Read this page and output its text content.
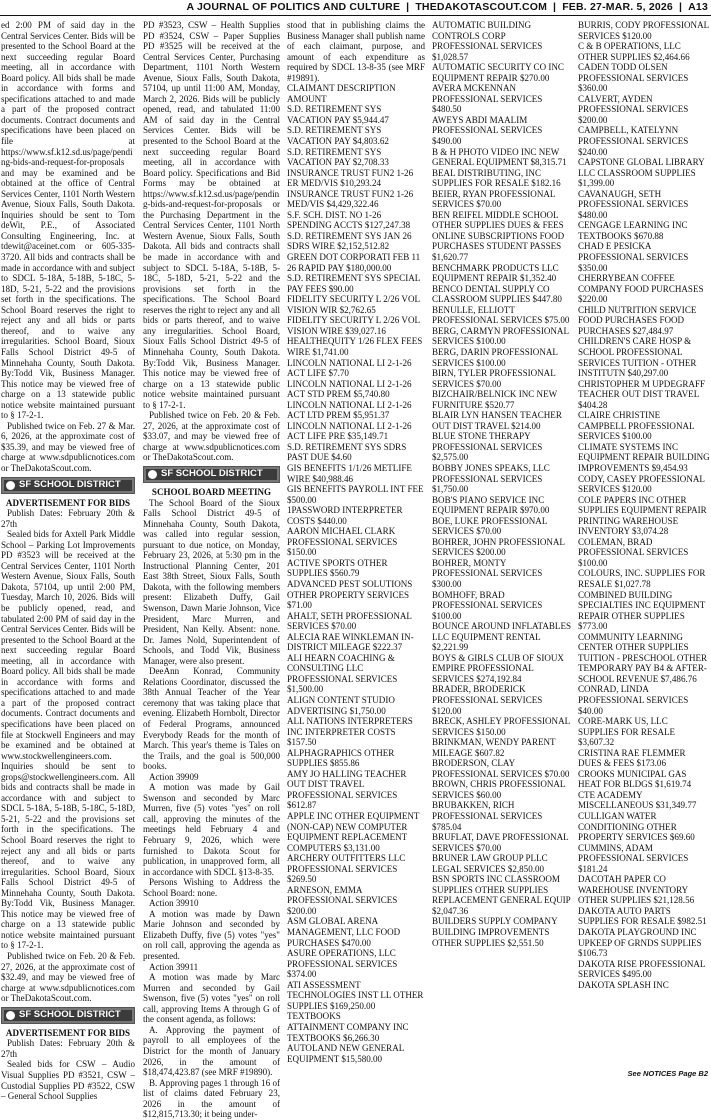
A JOURNAL OF POLITICS AND CULTURE | THEDAKOTASCOUT.COM | FEB. 27-MAR. 5, 2026 | A13

ed 2:00 PM of said day in the Central Services Center. Bids will be presented to the School Board at the next succeeding regular Board meeting, all in accordance with Board policy. All bids shall be made in accordance with forms and specifications attached to and made a part of the proposed contract documents. Contract documents and specifications have been placed on file at https://www.sf.k12.sd.us/page/pending-bids-and-request-for-proposals and may be examined and be obtained at the office of Central Services Center, 1101 North Western Avenue, Sioux Falls, South Dakota. Inquiries should be sent to Tom deWit, P.E., of Associated Consulting Engineering, Inc. at tdewit@aceinet.com or 605-335-3720. All bids and contracts shall be made in accordance with and subject to SDCL 5-18A, 5-18B, 5-18C, 5-18D, 5-21, 5-22 and the provisions set forth in the specifications. The School Board reserves the right to reject any and all bids or parts thereof, and to waive any irregularities. School Board, Sioux Falls School District 49-5 of Minnehaha County, South Dakota. By:Todd Vik, Business Manager. This notice may be viewed free of charge on a 13 statewide public notice website maintained pursuant to § 17-2-1.

Published twice on Feb. 27 & Mar. 6, 2026, at the approximate cost of $35.39, and may be viewed free of charge at www.sdpublicnotices.com or TheDakotaScout.com.

SF SCHOOL DISTRICT
ADVERTISEMENT FOR BIDS

Publish Dates: February 20th & 27th

Sealed bids for Axtell Park Middle School – Parking Lot Improvements PD #3523 will be received at the Central Services Center, 1101 North Western Avenue, Sioux Falls, South Dakota, 57104, up until 2:00 PM, Tuesday, March 10, 2026. Bids will be publicly opened, read, and tabulated 2:00 PM of said day in the Central Services Center. Bids will be presented to the School Board at the next succeeding regular Board meeting, all in accordance with Board policy. All bids shall be made in accordance with forms and specifications attached to and made a part of the proposed contract documents. Contract documents and specifications have been placed on file at Stockwell Engineers and may be examined and be obtained at www.stockwellengineers.com. Inquiries should be sent to grops@stockwellengineers.com. All bids and contracts shall be made in accordance with and subject to SDCL 5-18A, 5-18B, 5-18C, 5-18D, 5-21, 5-22 and the provisions set forth in the specifications. The School Board reserves the right to reject any and all bids or parts thereof, and to waive any irregularities. School Board, Sioux Falls School District 49-5 of Minnehaha County, South Dakota. By:Todd Vik, Business Manager. This notice may be viewed free of charge on a 13 statewide public notice website maintained pursuant to § 17-2-1.

Published twice on Feb. 20 & Feb. 27, 2026, at the approximate cost of $32.49, and may be viewed free of charge at www.sdpublicnotices.com or TheDakotaScout.com.

SF SCHOOL DISTRICT
ADVERTISEMENT FOR BIDS

Publish Dates: February 20th & 27th

Sealed bids for CSW – Audio Visual Supplies PD #3521, CSW – Custodial Supplies PD #3522, CSW – General School Supplies

PD #3523, CSW – Health Supplies PD #3524, CSW – Paper Supplies PD #3525 will be received at the Central Services Center, Purchasing Department, 1101 North Western Avenue, Sioux Falls, South Dakota, 57104, up until 11:00 AM, Monday, March 2, 2026. Bids will be publicly opened, read, and tabulated 11:00 AM of said day in the Central Services Center. Bids will be presented to the School Board at the next succeeding regular Board meeting, all in accordance with Board policy. Specifications and Bid Forms may be obtained at https://www.sf.k12.sd.us/page/pending-bids-and-request-for-proposals or the Purchasing Department in the Central Services Center, 1101 North Western Avenue, Sioux Falls, South Dakota. All bids and contracts shall be made in accordance with and subject to SDCL 5-18A, 5-18B, 5-18C, 5-18D, 5-21, 5-22 and the provisions set forth in the specifications. The School Board reserves the right to reject any and all bids or parts thereof, and to waive any irregularities. School Board, Sioux Falls School District 49-5 of Minnehaha County, South Dakota. By:Todd Vik, Business Manager. This notice may be viewed free of charge on a 13 statewide public notice website maintained pursuant to § 17-2-1.

Published twice on Feb. 20 & Feb. 27, 2026, at the approximate cost of $33.07, and may be viewed free of charge at www.sdpublicnotices.com or TheDakotaScout.com.

SF SCHOOL DISTRICT
SCHOOL BOARD MEETING

The School Board of the Sioux Falls School District 49-5 of Minnehaha County, South Dakota, was called into regular session, pursuant to due notice, on Monday, February 23, 2026, at 5:30 pm in the Instructional Planning Center, 201 East 38th Street, Sioux Falls, South Dakota, with the following members present: Elizabeth Duffy, Gail Swenson, Dawn Marie Johnson, Vice President, Marc Murren, and President, Nan Kelly. Absent: none. Dr. James Nold, Superintendent of Schools, and Todd Vik, Business Manager, were also present.

DeeAnn Konrad, Community Relations Coordinator, discussed the 38th Annual Teacher of the Year ceremony that was taking place that evening. Elizabeth Hornbolt, Director of Federal Programs, announced Everybody Reads for the month of March. This year's theme is Tales on the Trails, and the goal is 500,000 books.

Action 39909

A motion was made by Gail Swenson and seconded by Marc Murren, five (5) votes "yes" on roll call, approving the minutes of the meetings held February 4 and February 9, 2026, which were furnished to Dakota Scout for publication, in unapproved form, all in accordance with SDCL §13-8-35.

Persons Wishing to Address the School Board: none.

Action 39910

A motion was made by Dawn Marie Johnson and seconded by Elizabeth Duffy, five (5) votes "yes" on roll call, approving the agenda as presented.

Action 39911

A motion was made by Marc Murren and seconded by Gail Swenson, five (5) votes "yes" on roll call, approving Items A through G of the consent agenda, as follows:

A. Approving the payment of payroll to all employees of the District for the month of January 2026, in the amount of $18,474,423.87 (see MRF #19890).

B. Approving pages 1 through 16 of list of claims dated February 23, 2026 in the amount of $12,815,713.30; it being under-

stood that in publishing claims the Business Manager shall publish name of each claimant, purpose, and amount of each expenditure as required by SDCL 13-8-35 (see MRF #19891).

CLAIMANT DESCRIPTION AMOUNT
S.D. RETIREMENT SYS VACATION PAY $5,944.47
S.D. RETIREMENT SYS VACATION PAY $4,803.62
S.D. RETIREMENT SYS VACATION PAY $2,708.33
INSURANCE TRUST FUN2 1-26 ER MED/VIS $10,293.24
INSURANCE TRUST FUN2 1-26 MED/VIS $4,429,322.46
S.F. SCH. DIST. NO 1-26 SPENDING ACCTS $127,247.38
S.D. RETIREMENT SYS JAN 26 SDRS WIRE $2,152,512.82
GREEN DOT CORPORATI FEB 11 26 RAPID PAY $180,000.00
S.D. RETIREMENT SYS SPECIAL PAY FEES $90.00
FIDELITY SECURITY L 2/26 VOL VISION WIR $2,762.65
FIDELITY SECURITY L 2/26 VOL VISION WIRE $39,027.16
HEALTHEQUITY 1/26 FLEX FEES WIRE $1,741.00
LINCOLN NATIONAL LI 2-1-26 ACT LIFE $7.70
LINCOLN NATIONAL LI 2-1-26 ACT STD PREM $5,740.80
LINCOLN NATIONAL LI 2-1-26 ACT LTD PREM $5,951.37
LINCOLN NATIONAL LI 2-1-26 ACT LIFE PRE $35,149.71
S.D. RETIREMENT SYS SDRS PAST DUE $4.60
GIS BENEFITS 1/1/26 METLIFE WIRE $40,988.46
GIS BENEFITS PAYROLL INT FEE $500.00
1PASSWORD INTERPRETER COSTS $440.00
AARON MICHAEL CLARK PROFESSIONAL SERVICES $150.00
ACTIVE SPORTS OTHER SUPPLIES $560.79
ADVANCED PEST SOLUTIONS OTHER PROPERTY SERVICES $71.00
AHALT, SETH PROFESSIONAL SERVICES $70.00
ALECIA RAE WINKLEMAN IN-DISTRICT MILEAGE $222.37
ALI HEARN COACHING & CONSULTING LLC PROFESSIONAL SERVICES $1,500.00
ALIGN CONTENT STUDIO ADVERTISING $1,750.00
ALL NATIONS INTERPRETERS INC INTERPRETER COSTS $157.50
ALPHAGRAPHICS OTHER SUPPLIES $855.86
AMY JO HALLING TEACHER OUT DIST TRAVEL PROFESSIONAL SERVICES $612.87
APPLE INC OTHER EQUIPMENT (NON-CAP) NEW COMPUTER EQUIPMENT REPLACEMENT COMPUTERS $3,131.00
ARCHERY OUTFITTERS LLC PROFESSIONAL SERVICES $269.50
ARNESON, EMMA PROFESSIONAL SERVICES $200.00
ASM GLOBAL ARENA MANAGEMENT, LLC FOOD PURCHASES $470.00
ASURE OPERATIONS, LLC PROFESSIONAL SERVICES $374.00
ATI ASSESSMENT TECHNOLOGIES INST LL OTHER SUPPLIES $169,250.00
TEXTBOOKS
ATTAINMENT COMPANY INC TEXTBOOKS $6,266.30
AUTOLAND NEW GENERAL EQUIPMENT $15,580.00
AUTOMATIC BUILDING CONTROLS CORP PROFESSIONAL SERVICES $1,028.57
AUTOMATIC SECURITY CO INC EQUIPMENT REPAIR $270.00
AVERA MCKENNAN PROFESSIONAL SERVICES $480.50
AWEYS ABDI MAALIM PROFESSIONAL SERVICES $490.00
B & H PHOTO VIDEO INC NEW GENERAL EQUIPMENT $8,315.71
BEAL DISTRIBUTING, INC SUPPLIES FOR RESALE $182.16
BEIER, RYAN PROFESSIONAL SERVICES $70.00
BEN REIFEL MIDDLE SCHOOL OTHER SUPPLIES DUES & FEES ONLINE SUBSCRIPTIONS FOOD PURCHASES STUDENT PASSES $1,620.77
BENCHMARK PRODUCTS LLC EQUIPMENT REPAIR $1,352.40
BENCO DENTAL SUPPLY CO CLASSROOM SUPPLIES $447.80
BENULLE, ELLIOTT PROFESSIONAL SERVICES $75.00
BERG, CARMYN PROFESSIONAL SERVICES $100.00
BERG, DARIN PROFESSIONAL SERVICES $100.00
BIRN, TYLER PROFESSIONAL SERVICES $70.00
BIZCHAIR/BELNICK INC NEW FURNITURE $520.77
BLAIR LYN HANSEN TEACHER OUT DIST TRAVEL $214.00
BLUE STONE THERAPY PROFESSIONAL SERVICES $2,575.00
BOBBY JONES SPEAKS, LLC PROFESSIONAL SERVICES $1,750.00
BOB'S PIANO SERVICE INC EQUIPMENT REPAIR $970.00
BOE, LUKE PROFESSIONAL SERVICES $70.00
BOHRER, JOHN PROFESSIONAL SERVICES $200.00
BOHRER, MONTY PROFESSIONAL SERVICES $300.00
BOMHOFF, BRAD PROFESSIONAL SERVICES $100.00
BOUNCE AROUND INFLATABLES LLC EQUIPMENT RENTAL $2,221.99
BOYS & GIRLS CLUB OF SIOUX EMPIRE PROFESSIONAL SERVICES $274,192.84
BRADER, BRODERICK PROFESSIONAL SERVICES $120.00
BRECK, ASHLEY PROFESSIONAL SERVICES $150.00
BRINKMAN, WENDY PARENT MILEAGE $607.82
BRODERSON, CLAY PROFESSIONAL SERVICES $70.00
BROWN, CHRIS PROFESSIONAL SERVICES $60.00
BRUBAKKEN, RICH PROFESSIONAL SERVICES $785.04
BRUFLAT, DAVE PROFESSIONAL SERVICES $70.00
BRUNER LAW GROUP PLLC LEGAL SERVICES $2,850.00
BSN SPORTS INC CLASSROOM SUPPLIES OTHER SUPPLIES REPLACEMENT GENERAL EQUIP $2,047.36
BUILDERS SUPPLY COMPANY BUILDING IMPROVEMENTS OTHER SUPPLIES $2,551.50
BURRIS, CODY PROFESSIONAL SERVICES $120.00
C & B OPERATIONS, LLC OTHER SUPPLIES $2,464.66
CADEN TODD OLSEN PROFESSIONAL SERVICES $360.00
CALVERT, AYDEN PROFESSIONAL SERVICES $200.00
CAMPBELL, KATELYNN PROFESSIONAL SERVICES $240.00
CAPSTONE GLOBAL LIBRARY LLC CLASSROOM SUPPLIES $1,399.00
CAVANAUGH, SETH PROFESSIONAL SERVICES $480.00
CENGAGE LEARNING INC TEXTBOOKS $670.88
CHAD E PESICKA PROFESSIONAL SERVICES $350.00
CHERRYBEAN COFFEE COMPANY FOOD PURCHASES $220.00
CHILD NUTRITION SERVICE FOOD PURCHASES FOOD PURCHASES $27,484.97
CHILDREN'S CARE HOSP & SCHOOL PROFESSIONAL SERVICES TUITION - OTHER INSTITUTN $40,297.00
CHRISTOPHER M UPDEGRAFF TEACHER OUT DIST TRAVEL $404.28
CLAIRE CHRISTINE CAMPBELL PROFESSIONAL SERVICES $100.00
CLIMATE SYSTEMS INC EQUIPMENT REPAIR BUILDING IMPROVEMENTS $9,454.93
CODY, CASEY PROFESSIONAL SERVICES $120.00
COLE PAPERS INC OTHER SUPPLIES EQUIPMENT REPAIR PRINTING WAREHOUSE INVENTORY $3,074.28
COLEMAN, BRAD PROFESSIONAL SERVICES $100.00
COLOURS, INC. SUPPLIES FOR RESALE $1,027.78
COMBINED BUILDING SPECIALTIES INC EQUIPMENT REPAIR OTHER SUPPLIES $773.00
COMMUNITY LEARNING CENTER OTHER SUPPLIES TUITION - PRESCHOOL OTHER TEMPORARY PAY B4 & AFTER-SCHOOL REVENUE $7,486.76
CONRAD, LINDA PROFESSIONAL SERVICES $40.00
CORE-MARK US, LLC SUPPLIES FOR RESALE $3,607.32
CRISTINA RAE FLEMMER DUES & FEES $173.06
CROOKS MUNICIPAL GAS HEAT FOR BLDGS $1,619.74
CTE ACADEMY MISCELLANEOUS $31,349.77
CULLIGAN WATER CONDITIONING OTHER PROPERTY SERVICES $69.60
CUMMINS, ADAM PROFESSIONAL SERVICES $181.24
DACOTAH PAPER CO WAREHOUSE INVENTORY OTHER SUPPLIES $21,128.56
DAKOTA AUTO PARTS SUPPLIES FOR RESALE $982.51
DAKOTA PLAYGROUND INC UPKEEP OF GRNDS SUPPLIES $106.73
DAKOTA RISE PROFESSIONAL SERVICES $495.00
DAKOTA SPLASH INC
See NOTICES Page B2
